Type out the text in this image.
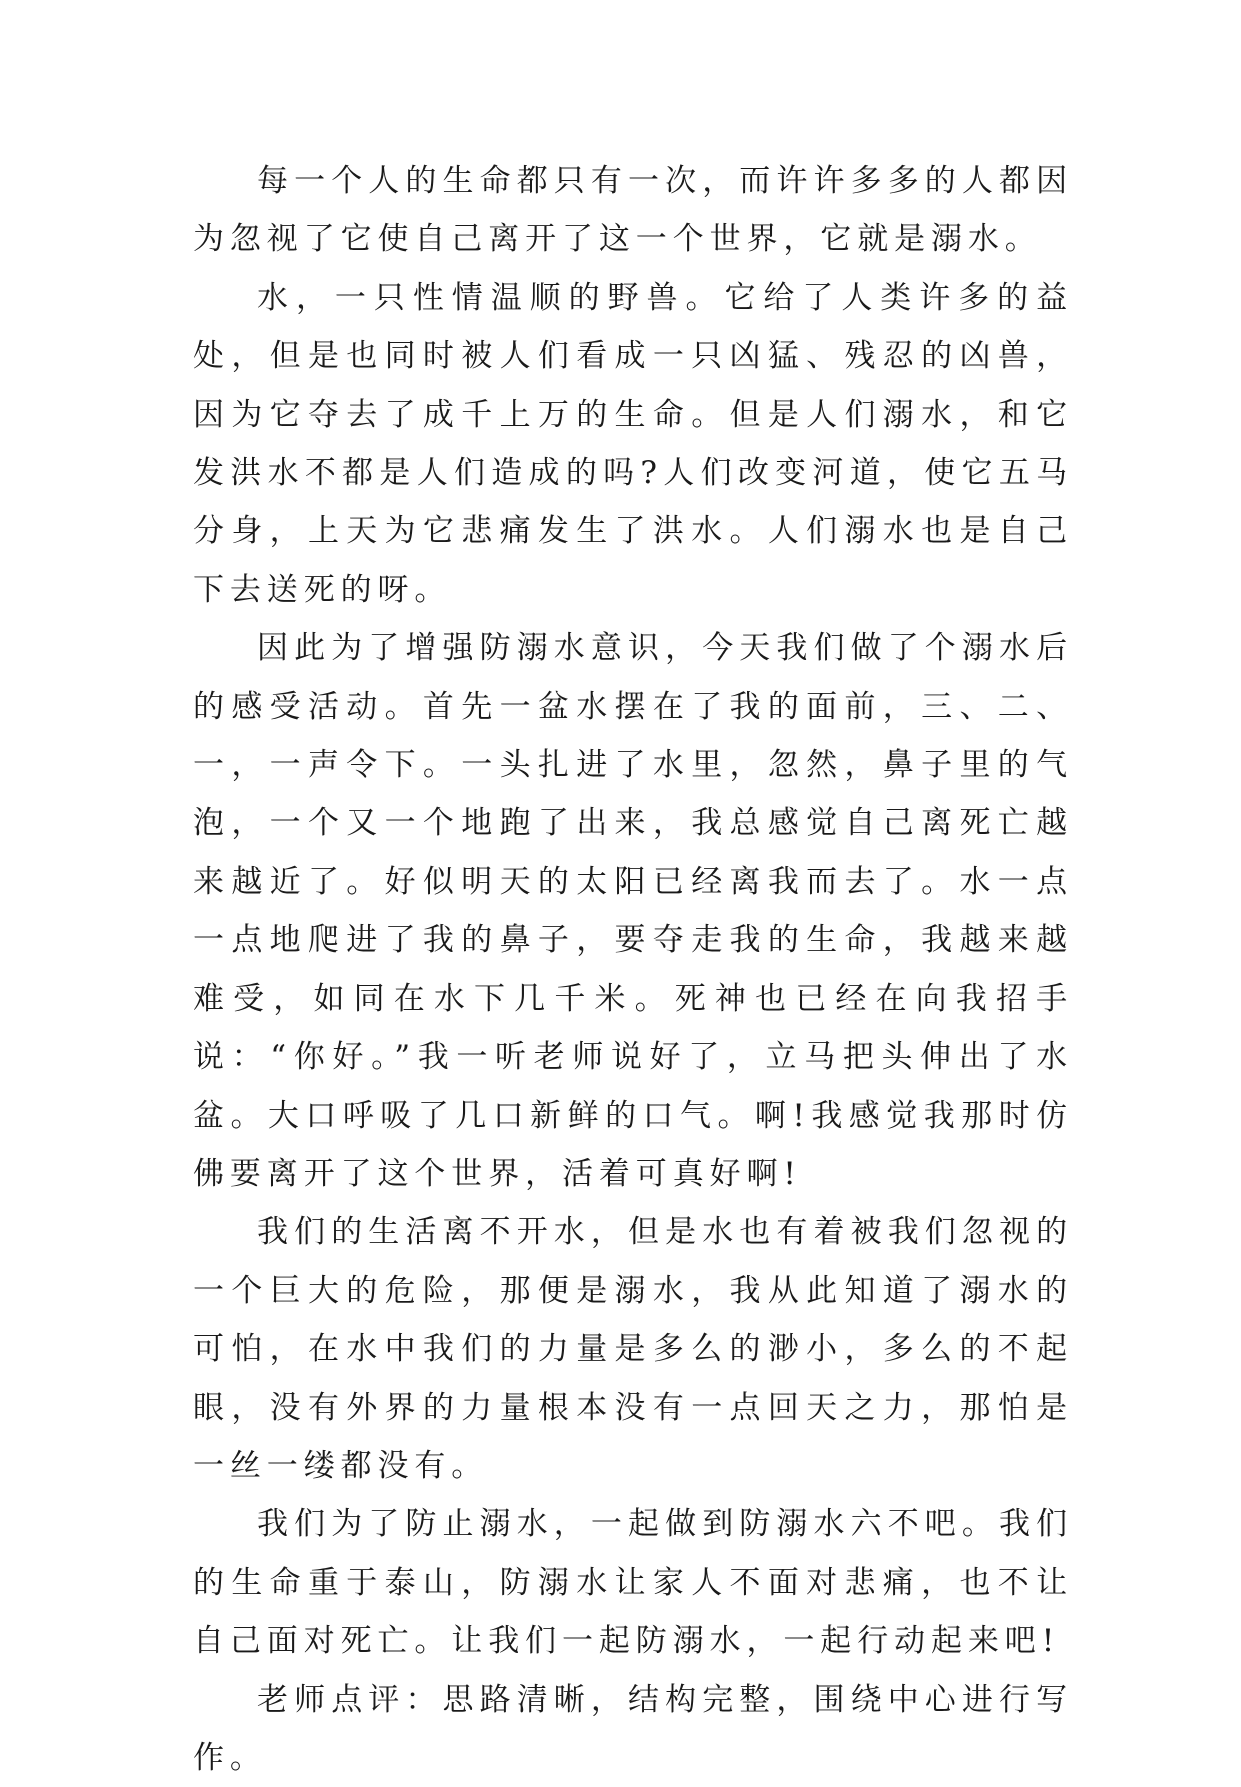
每一个人的生命都只有一次，而许许多多的人都因为忽视了它使自己离开了这一个世界，它就是溺水。

水，一只性情温顺的野兽。它给了人类许多的益处，但是也同时被人们看成一只凶猛、残忍的凶兽，因为它夺去了成千上万的生命。但是人们溺水，和它发洪水不都是人们造成的吗?人们改变河道，使它五马分身，上天为它悲痛发生了洪水。人们溺水也是自己下去送死的呀。

因此为了增强防溺水意识，今天我们做了个溺水后的感受活动。首先一盆水摆在了我的面前，三、二、一，一声令下。一头扎进了水里，忽然，鼻子里的气泡，一个又一个地跑了出来，我总感觉自己离死亡越来越近了。好似明天的太阳已经离我而去了。水一点一点地爬进了我的鼻子，要夺走我的生命，我越来越难受，如同在水下几千米。死神也已经在向我招手说：“你好。”我一听老师说好了，立马把头伸出了水盆。大口呼吸了几口新鲜的口气。啊!我感觉我那时仿佛要离开了这个世界，活着可真好啊!

我们的生活离不开水，但是水也有着被我们忽视的一个巨大的危险，那便是溺水，我从此知道了溺水的可怕，在水中我们的力量是多么的渺小，多么的不起眼，没有外界的力量根本没有一点回天之力，那怕是一丝一缕都没有。

我们为了防止溺水，一起做到防溺水六不吧。我们的生命重于泰山，防溺水让家人不面对悲痛，也不让自己面对死亡。让我们一起防溺水，一起行动起来吧!

老师点评：思路清晰，结构完整，围绕中心进行写作。
